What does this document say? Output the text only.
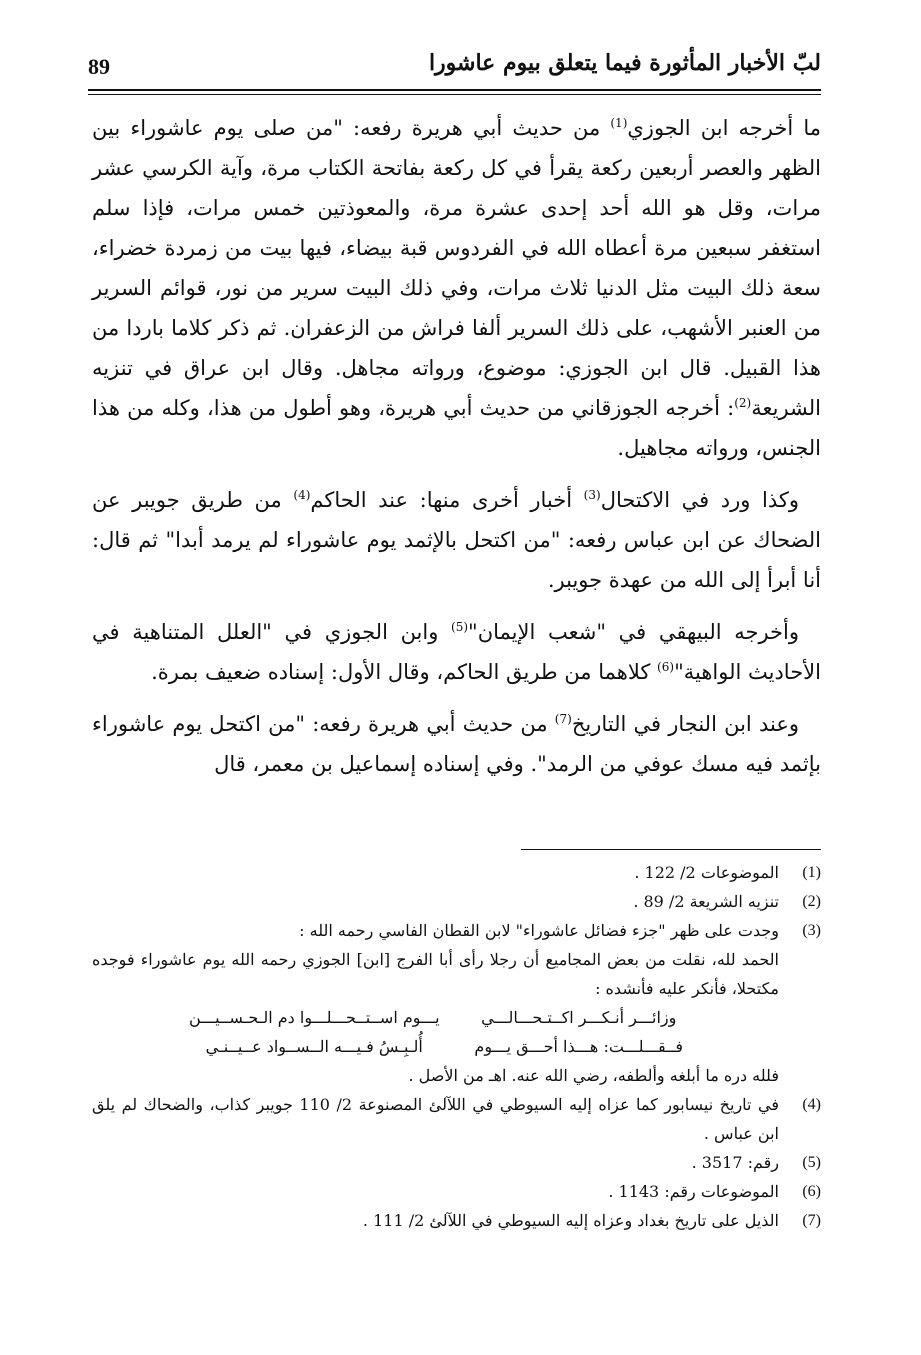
89	لبّ الأخبار المأثورة فيما يتعلق بيوم عاشورا

ما أخرجه ابن الجوزي$^{(1)}$ من حديث أبي هريرة رفعه: "من صلى يوم عاشوراء بين الظهر والعصر أربعين ركعة يقرأ في كل ركعة بفاتحة الكتاب مرة، وآية الكرسي عشر مرات، وقل هو الله أحد إحدى عشرة مرة، والمعوذتين خمس مرات، فإذا سلم استغفر سبعين مرة أعطاه الله في الفردوس قبة بيضاء، فيها بيت من زمردة خضراء، سعة ذلك البيت مثل الدنيا ثلاث مرات، وفي ذلك البيت سرير من نور، قوائم السرير من العنبر الأشهب، على ذلك السرير ألفا فراش من الزعفران. ثم ذكر كلاما باردا من هذا القبيل. قال ابن الجوزي: موضوع، ورواته مجاهل. وقال ابن عراق في تنزيه الشريعة$^{(2)}$: أخرجه الجوزقاني من حديث أبي هريرة، وهو أطول من هذا، وكله من هذا الجنس، ورواته مجاهيل.

وكذا ورد في الاكتحال$^{(3)}$ أخبار أخرى منها: عند الحاكم$^{(4)}$ من طريق جويبر عن الضحاك عن ابن عباس رفعه: "من اكتحل بالإثمد يوم عاشوراء لم يرمد أبدا" ثم قال: أنا أبرأ إلى الله من عهدة جويبر.

وأخرجه البيهقي في "شعب الإيمان"$^{(5)}$ وابن الجوزي في "العلل المتناهية في الأحاديث الواهية"$^{(6)}$ كلاهما من طريق الحاكم، وقال الأول: إسناده ضعيف بمرة.

وعند ابن النجار في التاريخ$^{(7)}$ من حديث أبي هريرة رفعه: "من اكتحل يوم عاشوراء بإثمد فيه مسك عوفي من الرمد". وفي إسناده إسماعيل بن معمر، قال

(1)
الموضوعات 2/ 122 .
(2)
تنزيه الشريعة 2/ 89 .
(3)
وجدت على ظهر "جزء فضائل عاشوراء" لابن القطان الفاسي رحمه الله :
الحمد لله، نقلت من بعض المجاميع أن رجلا رأى أبا الفرج [ابن] الجوزي رحمه الله يوم عاشوراء فوجده مكتحلا، فأنكر عليه فأنشده :
وزائـــر أنـكـــر اكــتـحـــالـــي
يـــوم اســتــحـــلـــوا دم الـحـســيـــن
فــقـــلـــت: هـــذا أحـــق يـــوم
أُلـبِـسُ فـيـــه الــســواد عــيــنـي
فلله دره ما أبلغه وألطفه، رضي الله عنه. اهـ من الأصل .
(4)
في تاريخ نيسابور كما عزاه إليه السيوطي في اللآلئ المصنوعة 2/ 110 جويبر كذاب، والضحاك لم يلق ابن عباس .
(5)
رقم: 3517 .
(6)
الموضوعات رقم: 1143 .
(7)
الذيل على تاريخ بغداد وعزاه إليه السيوطي في اللآلئ 2/ 111 .
